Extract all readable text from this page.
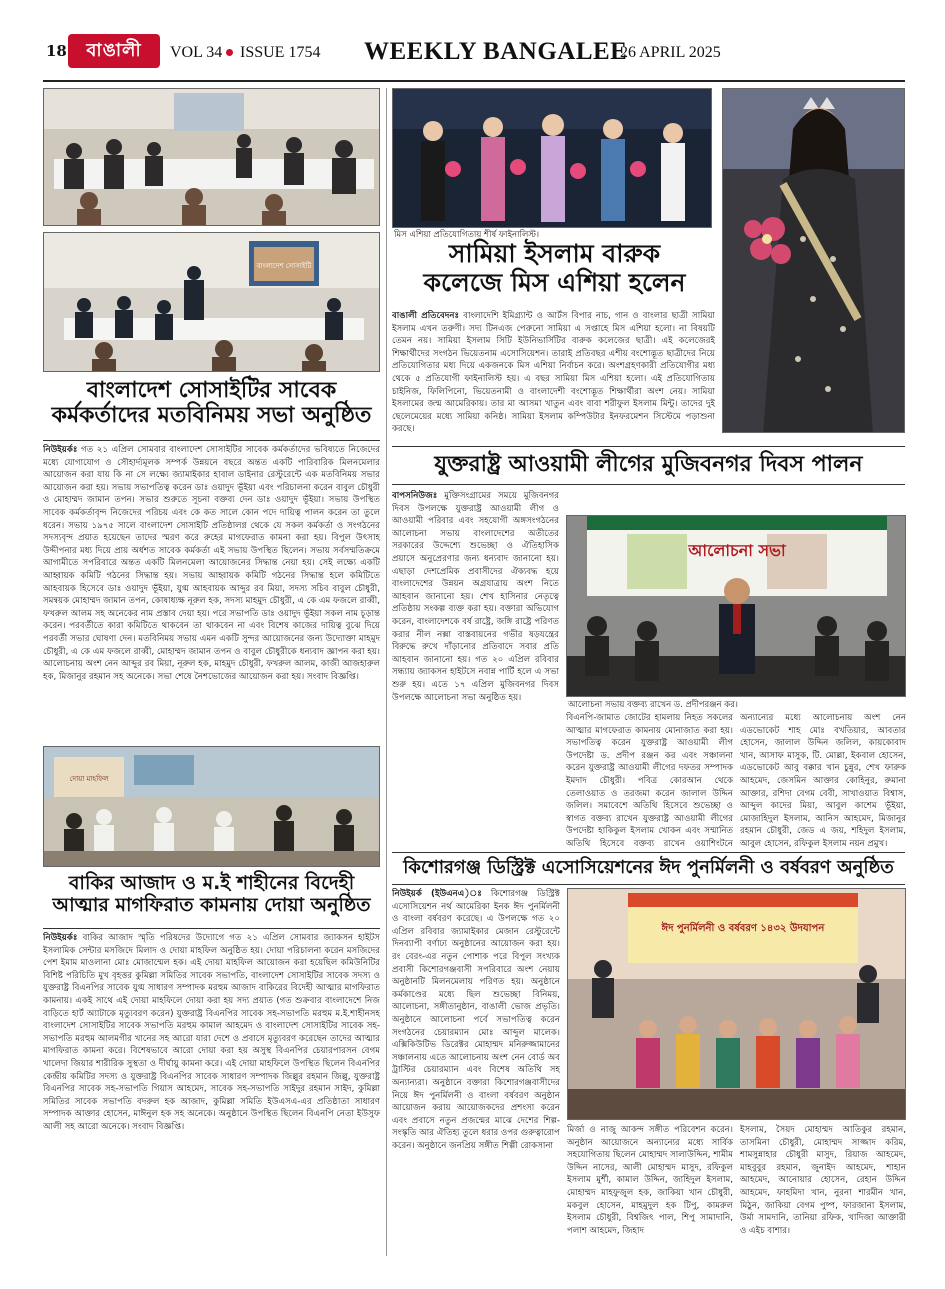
18	বাঙালী	VOL 34 ISSUE 1754 WEEKLY BANGALEE
26 APRIL 2025
বাংলাদেশ সোসাইটি
বাংলাদেশ সোসাইটির সাবেক
কর্মকর্তাদের মতবিনিময় সভা অনুষ্ঠিত
নিউইয়র্কঃ গত ২১ এপ্রিল সোমবার বাংলাদেশ সোসাইটির সাবেক কর্মকর্তাদের ভবিষ্যতে নিজেদের মধ্যে যোগাযোগ ও সৌহার্দ্যমূলক সম্পর্ক উন্নয়নে বছরে অন্তত একটি পারিবারিক মিলনমেলার আয়োজন করা যায় কি না সে লক্ষ্যে জ্যামাইকার হাবাল ডাইনার রেস্টুরেন্টে এক মতবিনিময় সভার আয়োজন করা হয়। সভায় সভাপতিত্ব করেন ডাঃ ওয়াদুদ ভূঁইয়া এবং পরিচালনা করেন বাবুল চৌধুরী ও মোহাম্মদ জামান তপন। সভার শুরুতে সূচনা বক্তব্য দেন ডাঃ ওয়াদুদ ভূঁইয়া। সভায় উপস্থিত সাবেক কর্মকর্তাবৃন্দ নিজেদের পরিচয় এবং কে কত সালে কোন পদে দায়িত্ব পালন করেন তা তুলে ধরেন। সভায় ১৯৭৫ সালে বাংলাদেশ সোসাইটি প্রতিষ্ঠালগ্ন থেকে যে সকল কর্মকর্তা ও সংগঠনের সদস্যবৃন্দ প্রয়াত হয়েছেন তাদের স্মরণ করে রুহের মাগফেরাত কামনা করা হয়। বিপুল উৎসাহ উদ্দীপনার মধ্য দিয়ে প্রায় অর্ধশত সাবেক কর্মকর্তা এই সভায় উপস্থিত ছিলেন। সভায় সর্বসম্মতিক্রমে আগামীতে সপরিবারে অন্তত একটি মিলনমেলা আয়োজনের সিদ্ধান্ত নেয়া হয়। সেই লক্ষ্যে একটি আহ্বায়ক কমিটি গঠনের সিদ্ধান্ত হয়। সভায় আহ্বায়ক কমিটি গঠনের সিদ্ধান্ত হলে কমিটিতে আহবায়ক হিসেবে ডাঃ ওয়াদুদ ভূঁইয়া, যুগ্ম আহবায়ক আব্দুর রব মিয়া, সদস্য সচিব বাবুল চৌধুরী, সমন্বয়ক মোহাম্মদ জামান তপন, কোষাধ্যক্ষ নূরুল হক, সদস্য মাহমুদ চৌধুরী, এ কে এম ফজলে রাব্বী, ফখরুল আলম সহ অনেকের নাম প্রস্তাব দেয়া হয়। পরে সভাপতি ডাঃ ওয়াদুদ ভূঁইয়া সকল নাম চূড়ান্ত করেন। পরবর্তীতে কারা কমিটিতে থাকবেন তা থাকবেন না এবং বিশেষ কাজের দায়িত্ব বুঝে দিয়ে পরবর্তী সভার ঘোষণা দেন। মতবিনিময় সভায় এমন একটি সুন্দর আয়োজনের জন্য উদ্যোক্তা মাহমুদ চৌধুরী, এ কে এম ফজলে রাব্বী, মোহাম্মদ জামান তপন ও বাবুল চৌধুরীকে ধন্যবাদ জ্ঞাপন করা হয়। আলোচনায় অংশ নেন আব্দুর রব মিয়া, নূরুল হক, মাহমুদ চৌধুরী, ফখরুল আলম, কাজী আজহারুল হক, মিজানুর রহমান সহ অনেকে। সভা শেষে নৈশভোজের আয়োজন করা হয়। সংবাদ বিজ্ঞপ্তি।
দোয়া মাহফিল
বাকির আজাদ ও ম.ই শাহীনের বিদেহী
আত্মার মাগফিরাত কামনায় দোয়া অনুষ্ঠিত
নিউইয়র্কঃ বাকির আজাদ স্মৃতি পরিষদের উদ্যোগে গত ২১ এপ্রিল সোমবার জ্যাকসন হাইটস ইসলামিক সেন্টার মসজিদে মিলাদ ও দোয়া মাহফিল অনুষ্ঠিত হয়। দোয়া পরিচালনা করেন মসজিদের পেশ ইমাম মাওলানা মোঃ মোজাম্মেল হক। এই দোয়া মাহফিল আয়োজন করা হয়েছিল কমিউনিটির বিশিষ্ট পরিচিতি মুখ বৃহত্তর কুমিল্লা সমিতির সাবেক সভাপতি, বাংলাদেশ সোসাইটির সাবেক সদস্য ও যুক্তরাষ্ট্র বিএনপির সাবেক যুগ্ম সাধারণ সম্পাদক মরহুম আজাদ বাকিরের বিদেহী আত্মার মাগফিরাত কামনায়। একই সাথে এই দোয়া মাহফিলে দোয়া করা হয় সদ্য প্রয়াত (গত শুক্রবার বাংলাদেশে নিজ বাড়িতে হার্ট অ্যাটাকে মৃত্যুবরণ করেন) যুক্তরাষ্ট্র বিএনপির সাবেক সহ-সভাপতি মরহুম ম.ই.শাহীনসহ বাংলাদেশ সোসাইটির সাবেক সভাপতি মরহুম কামাল আহমেদ ও বাংলাদেশ সোসাইটির সাবেক সহ-সভাপতি মরহুম আলমগীর খানের সহ আরো যারা দেশে ও প্রবাসে মৃত্যুবরণ করেছেন তাদের আত্মার মাগফিরাত কামনা করে। বিশেষভাবে আরো দোয়া করা হয় অসুস্থ বিএনপির চেয়ারপারসন বেগম খালেদা জিয়ার শারীরিক সুস্থতা ও দীর্ঘায়ু কামনা করে। এই দোয়া মাহফিলে উপস্থিত ছিলেন বিএনপির কেন্দ্রীয় কমিটির সদস্য ও যুক্তরাষ্ট্র বিএনপির সাবেক সাধারণ সম্পাদক জিল্লুর রহমান জিল্লু, যুক্তরাষ্ট্র বিএনপির সাবেক সহ-সভাপতি গিয়াস আহমেদ, সাবেক সহ-সভাপতি সাইদুর রহমান সাইদ, কুমিল্লা সমিতির সাবেক সভাপতি বদরুল হক আজাদ, কুমিল্লা সমিতি ইউএসএ-এর প্রতিষ্ঠাতা সাধারণ সম্পাদক আক্তার হোসেন, মাঈনুল হক সহ অনেকে। অনুষ্ঠানে উপস্থিত ছিলেন বিএনপি নেতা ইউসুফ আলী সহ আরো অনেকে। সংবাদ বিজ্ঞপ্তি।
মিস এশিয়া প্রতিযোগিতায় শীর্ষ ফাইনালিস্ট।
সামিয়া ইসলাম বারুক
কলেজে মিস এশিয়া হলেন
বাঙালী প্রতিবেদনঃ বাংলাদেশি ইমিগ্র্যান্ট ও আর্টস বিপার নাচ, গান ও বাংলার ছাত্রী সামিয়া ইসলাম এখন তরুণী। সদ্য টিনএজ পেরুনো সামিয়া এ সপ্তাহে মিস এশিয়া হলো। না বিষয়টি তেমন নয়। সামিয়া ইসলাম সিটি ইউনিভার্সিটির বারুক কলেজের ছাত্রী। এই কলেজেরই শিক্ষার্থীদের সংগঠন ভিয়েতনাম এসোসিয়েশন। তারাই প্রতিবছর এশীয় বংশোদ্ভূত ছাত্রীদের নিয়ে প্রতিযোগিতার মধ্য দিয়ে একজনকে মিস এশিয়া নির্বাচন করে। অংশগ্রহণকারী প্রতিযোগীর মধ্য থেকে ৫ প্রতিযোগী ফাইনালিস্ট হয়। এ বছর সামিয়া মিস এশিয়া হলো। এই প্রতিযোগিতায় চাইনিজ, ফিলিপিনো, ভিয়েতনামী ও বাংলাদেশী বংশোদ্ভূত শিক্ষার্থীরা অংশ নেয়। সামিয়া ইসলামের জন্ম আমেরিকায়। তার মা আসমা খাতুন এবং বাবা শরীফুল ইসলাম মিন্টু। তাদের দুই ছেলেমেয়ের মধ্যে সামিয়া কনিষ্ঠ। সামিয়া ইসলাম কম্পিউটার ইনফরমেশন সিস্টেমে পড়াশুনা করছে।
যুক্তরাষ্ট্র আওয়ামী লীগের মুজিবনগর দিবস পালন
বাপসনিউজঃ মুক্তিসংগ্রামের সময়ে মুজিবনগর দিবস উপলক্ষে যুক্তরাষ্ট্র আওয়ামী লীগ ও আওয়ামী পরিবার এবং সহযোগী অঙ্গসংগঠনের আলোচনা সভায় বাংলাদেশের অতীতের সরকারের উদ্দেশ্যে শুভেচ্ছা ও ঐতিহাসিক প্রয়াসে অনুপ্রেরণার জন্য ধন্যবাদ জানানো হয়। এছাড়া দেশপ্রেমিক প্রবাসীদের ঐক্যবদ্ধ হয়ে বাংলাদেশের উন্নয়ন অগ্রযাত্রায় অংশ নিতে আহবান জানানো হয়। শেখ হাসিনার নেতৃত্বে প্রতিষ্ঠায় সংকল্প ব্যক্ত করা হয়। বক্তারা অভিযোগ করেন, বাংলাদেশকে বর্ষ রাষ্ট্রে, জঙ্গি রাষ্ট্রে পরিণত করার নীল নক্সা বাস্তবায়নের গভীর ষড়যন্ত্রের বিরুদ্ধে রুখে দাঁড়ানোর প্রতিবাদে সবার প্রতি আহবান জানানো হয়। গত ২০ এপ্রিল রবিবার সন্ধ্যায় জ্যাকসন হাইটসে নবান্ন পার্টি হলে এ সভা শুরু হয়। এতে ১৭ এপ্রিল মুজিবনগর দিবস উপলক্ষে আলোচনা সভা অনুষ্ঠিত হয়।
আলোচনা সভা
আলোচনা সভায় বক্তব্য রাখেন ড. প্রদীপরঞ্জন কর।
বিএনপি-জামাত জোটের হামলায় নিহত সকলের আত্মার মাগফেরাত কামনায় মোনাজাত করা হয়। সভাপতিত্ব করেন যুক্তরাষ্ট্র আওয়ামী লীগ উপদেষ্টা ড. প্রদীপ রঞ্জন কর এবং সঞ্চালনা করেন যুক্তরাষ্ট্র আওয়ামী লীগের দফতর সম্পাদক ইমদাদ চৌধুরী। পবিত্র কোরআন থেকে তেলাওয়াত ও তরজমা করেন জালাল উদ্দিন জলিল। সমাবেশে অতিথি হিসেবে শুভেচ্ছা ও স্বাগত বক্তব্য রাখেন যুক্তরাষ্ট্র আওয়ামী লীগের উপদেষ্টা হাকিকুল ইসলাম খোকন এবং সম্মানিত অতিথি হিসেবে বক্তব্য রাখেন ওয়াশিংটনে
অন্যান্যের মধ্যে আলোচনায় অংশ নেন এডভোকেট শাহ মোঃ বখতিয়ার, আবতার হোসেন, জালাল উদ্দিন জলিল, কায়কোবাদ খান, আসাফ মাসুক, টি. মোল্লা, ইকবাল হোসেন, এডভোকেট আবু বক্কার খান চুন্নুর, শেখ ফারুক আহমেদ, জেসমিন আক্তার কোহিনুর, রুমানা আক্তার, রশিদা বেগম বেবী, সাখাওয়াত বিশ্বাস, আব্দুল কাদের মিয়া, আবুল কাশেম ভূঁইয়া, মোজাহিদুল ইসলাম, আনিস আহমেদ, মিজানুর রহমান চৌধুরী, জেড এ জয়, শহিদুল ইসলাম, আবুল হোসেন, রফিকুল ইসলাম নয়ন প্রমুখ।
কিশোরগঞ্জ ডিস্ট্রিক্ট এসোসিয়েশনের ঈদ পুনর্মিলনী ও বর্ষবরণ অনুষ্ঠিত
নিউইয়র্ক (ইউএনএ)ঃ কিশোরগঞ্জ ডিস্ট্রিক্ট এসোসিয়েশন নর্থ আমেরিকা ইনক ঈদ পুনর্মিলনী ও বাংলা বর্ষবরণ করেছে। এ উপলক্ষে গত ২০ এপ্রিল রবিবার জ্যামাইকার মেজান রেস্টুরেন্টে দিনব্যাপী বর্ণাঢ্য অনুষ্ঠানের আয়োজন করা হয়। রং বেরং-এর নতুন পোশাক পরে বিপুল সংখ্যক প্রবাসী কিশোরগঞ্জবাসী সপরিবারে অংশ নেয়ায় অনুষ্ঠানটি মিলনমেলায় পরিণত হয়। অনুষ্ঠানে কর্মকাণ্ডের মধ্যে ছিল শুভেচ্ছা বিনিময়, আলোচনা, সঙ্গীতানুষ্ঠান, বাঙালী ভোজ প্রভৃতি। অনুষ্ঠানে আলোচনা পর্বে সভাপতিত্ব করেন সংগঠনের চেয়ারম্যান মোঃ আব্দুল মালেক। এক্সিকিউটিভ ডিরেক্টর মোহাম্মদ মনিরুজ্জামানের সঞ্চালনায় এতে আলোচনায় অংশ নেন বোর্ড অব ট্রাস্টির চেয়ারম্যান এবং বিশেষ অতিথি সহ অন্যান্যরা। অনুষ্ঠানে বক্তারা কিশোরগঞ্জবাসীদের নিয়ে ঈদ পুনর্মিলনী ও বাংলা বর্ষবরণ অনুষ্ঠান আয়োজন করায় আয়োজকদের প্রশংসা করেন এবং প্রবাসে নতুন প্রজন্মের মাঝে দেশের শিল্প-সংস্কৃতি আর ঐতিহ্য তুলে ধরার ওপর গুরুত্বারোপ করেন। অনুষ্ঠানে জনপ্রিয় সঙ্গীত শিল্পী রোকসানা
ঈদ পুনর্মিলনী ও বর্ষবরণ ১৪৩২ উদযাপন
মির্জা ও নাজু আকন্দ সঙ্গীত পরিবেশন করেন। অনুষ্ঠান আয়োজনে অন্যান্যের মধ্যে সার্বিক সহযোগিতায় ছিলেন মোহাম্মদ সালাউদ্দিন, শামীম উদ্দিন নাসের, আলী মোহাম্মদ মাসুদ, রফিকুল ইসলাম মুর্শী, কামাল উদ্দিন, জাহিদুল ইসলাম, মোহাম্মদ মাহফুজুল হক, জাকিয়া খান চৌধুরী, মকবুল হোসেন, মাহমুদুল হক টিপু, কামরুল ইসলাম চৌধুরী, বিশ্বজিৎ পাল, শিপু সামাদানি, পলাশ আহমেদ, জিহাদ
ইসলাম, সৈয়দ মোহাম্মদ আতিকুর রহমান, তাসমিনা চৌধুরী, মোহাম্মদ সাজ্জাদ করিম, শামসুন্নাহার চৌধুরী মাসুদ, রিয়াজ আহমেদ, মাহবুবুর রহমান, জুনাইদ আহমেদ, শাহান আহমেদ, আনোয়ার হোসেন, রেহান উদ্দিন আহমেদ, ফাহমিদা খান, নুরনা শারমীন খান, মিঠুন, জাকিয়া বেগম পুষ্প, ফারজানা ইসলাম, উর্মা সামদানি, তানিয়া রফিক, খাদিজা আক্তারী ও এইচ বাশার।
